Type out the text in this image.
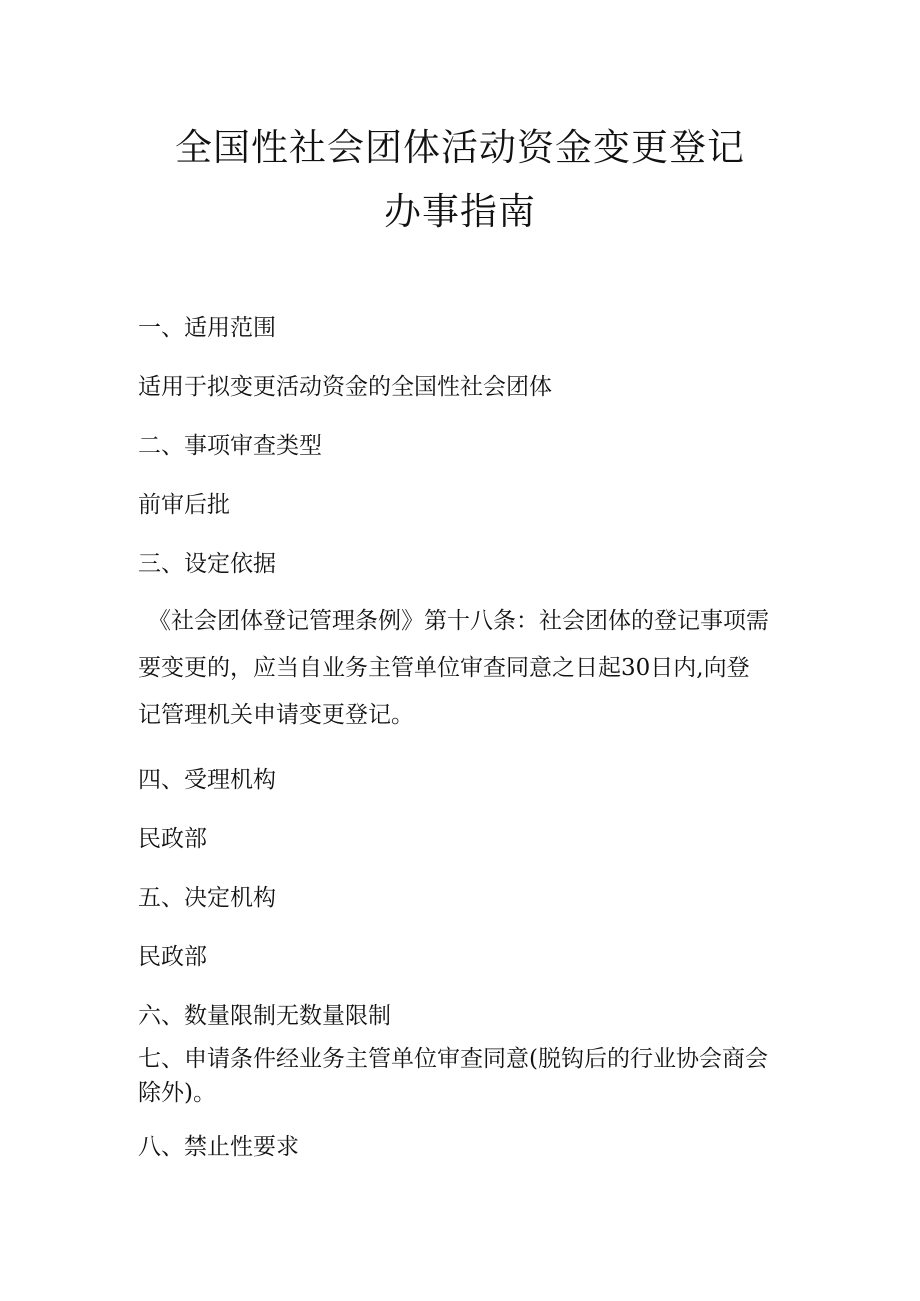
全国性社会团体活动资金变更登记
办事指南
一、适用范围
适用于拟变更活动资金的全国性社会团体
二、事项审查类型
前审后批
三、设定依据
《社会团体登记管理条例》第十八条：社会团体的登记事项需
要变更的，应当自业务主管单位审查同意之日起30日内,向登
记管理机关申请变更登记。
四、受理机构
民政部
五、决定机构
民政部
六、数量限制无数量限制
七、申请条件经业务主管单位审查同意(脱钩后的行业协会商会
除外)。
八、禁止性要求
